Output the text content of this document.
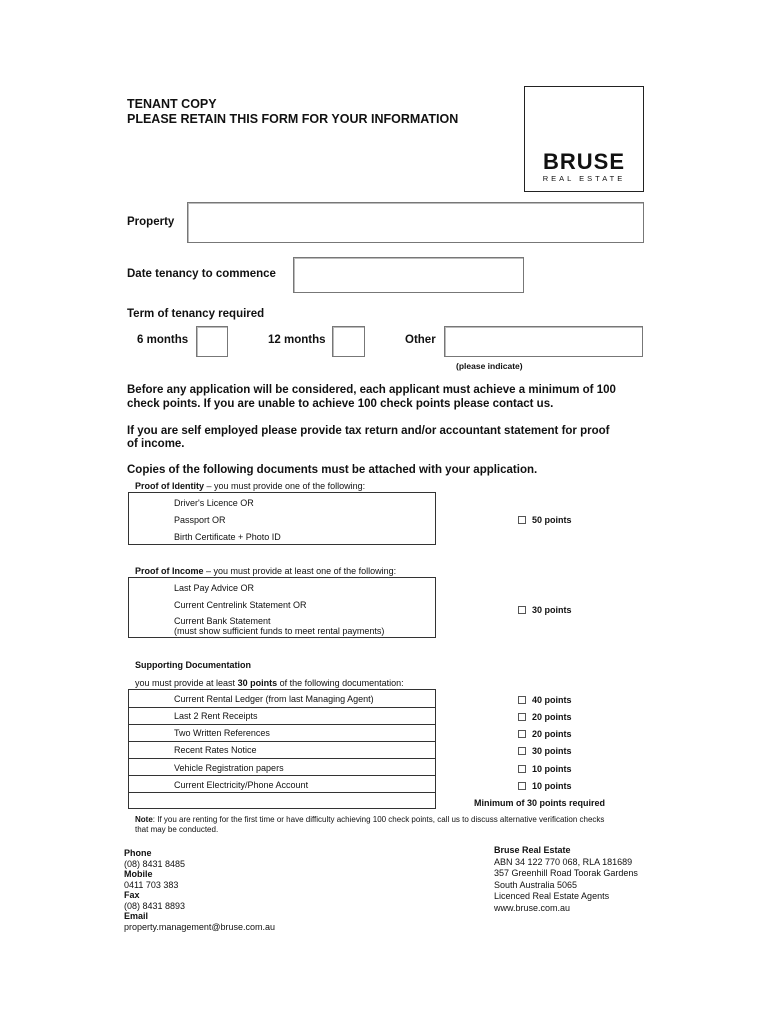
TENANT COPY
PLEASE RETAIN THIS FORM FOR YOUR INFORMATION
BRUSE
REAL ESTATE
Property
Date tenancy to commence
Term of tenancy required
6 months	12 months	Other
(please indicate)
Before any application will be considered, each applicant must achieve a minimum of 100
check points. If you are unable to achieve 100 check points please contact us.
If you are self employed please provide tax return and/or accountant statement for proof
of income.
Copies of the following documents must be attached with your application.
Proof of Identity – you must provide one of the following:
Driver's Licence OR
Passport OR
Birth Certificate + Photo ID
50 points
Proof of Income – you must provide at least one of the following:
Last Pay Advice OR
Current Centrelink Statement OR
Current Bank Statement
(must show sufficient funds to meet rental payments)
30 points
Supporting Documentation
you must provide at least 30 points of the following documentation:
Current Rental Ledger (from last Managing Agent)
Last 2 Rent Receipts
Two Written References
Recent Rates Notice
Vehicle Registration papers
Current Electricity/Phone Account
40 points
20 points
20 points
30 points
10 points
10 points
Minimum of 30 points required
Note: If you are renting for the first time or have difficulty achieving 100 check points, call us to discuss alternative verification checks
that may be conducted.
Phone
(08) 8431 8485
Mobile
0411 703 383
Fax
(08) 8431 8893
Email
property.management@bruse.com.au
Bruse Real Estate
ABN 34 122 770 068, RLA 181689
357 Greenhill Road Toorak Gardens
South Australia 5065
Licenced Real Estate Agents
www.bruse.com.au
